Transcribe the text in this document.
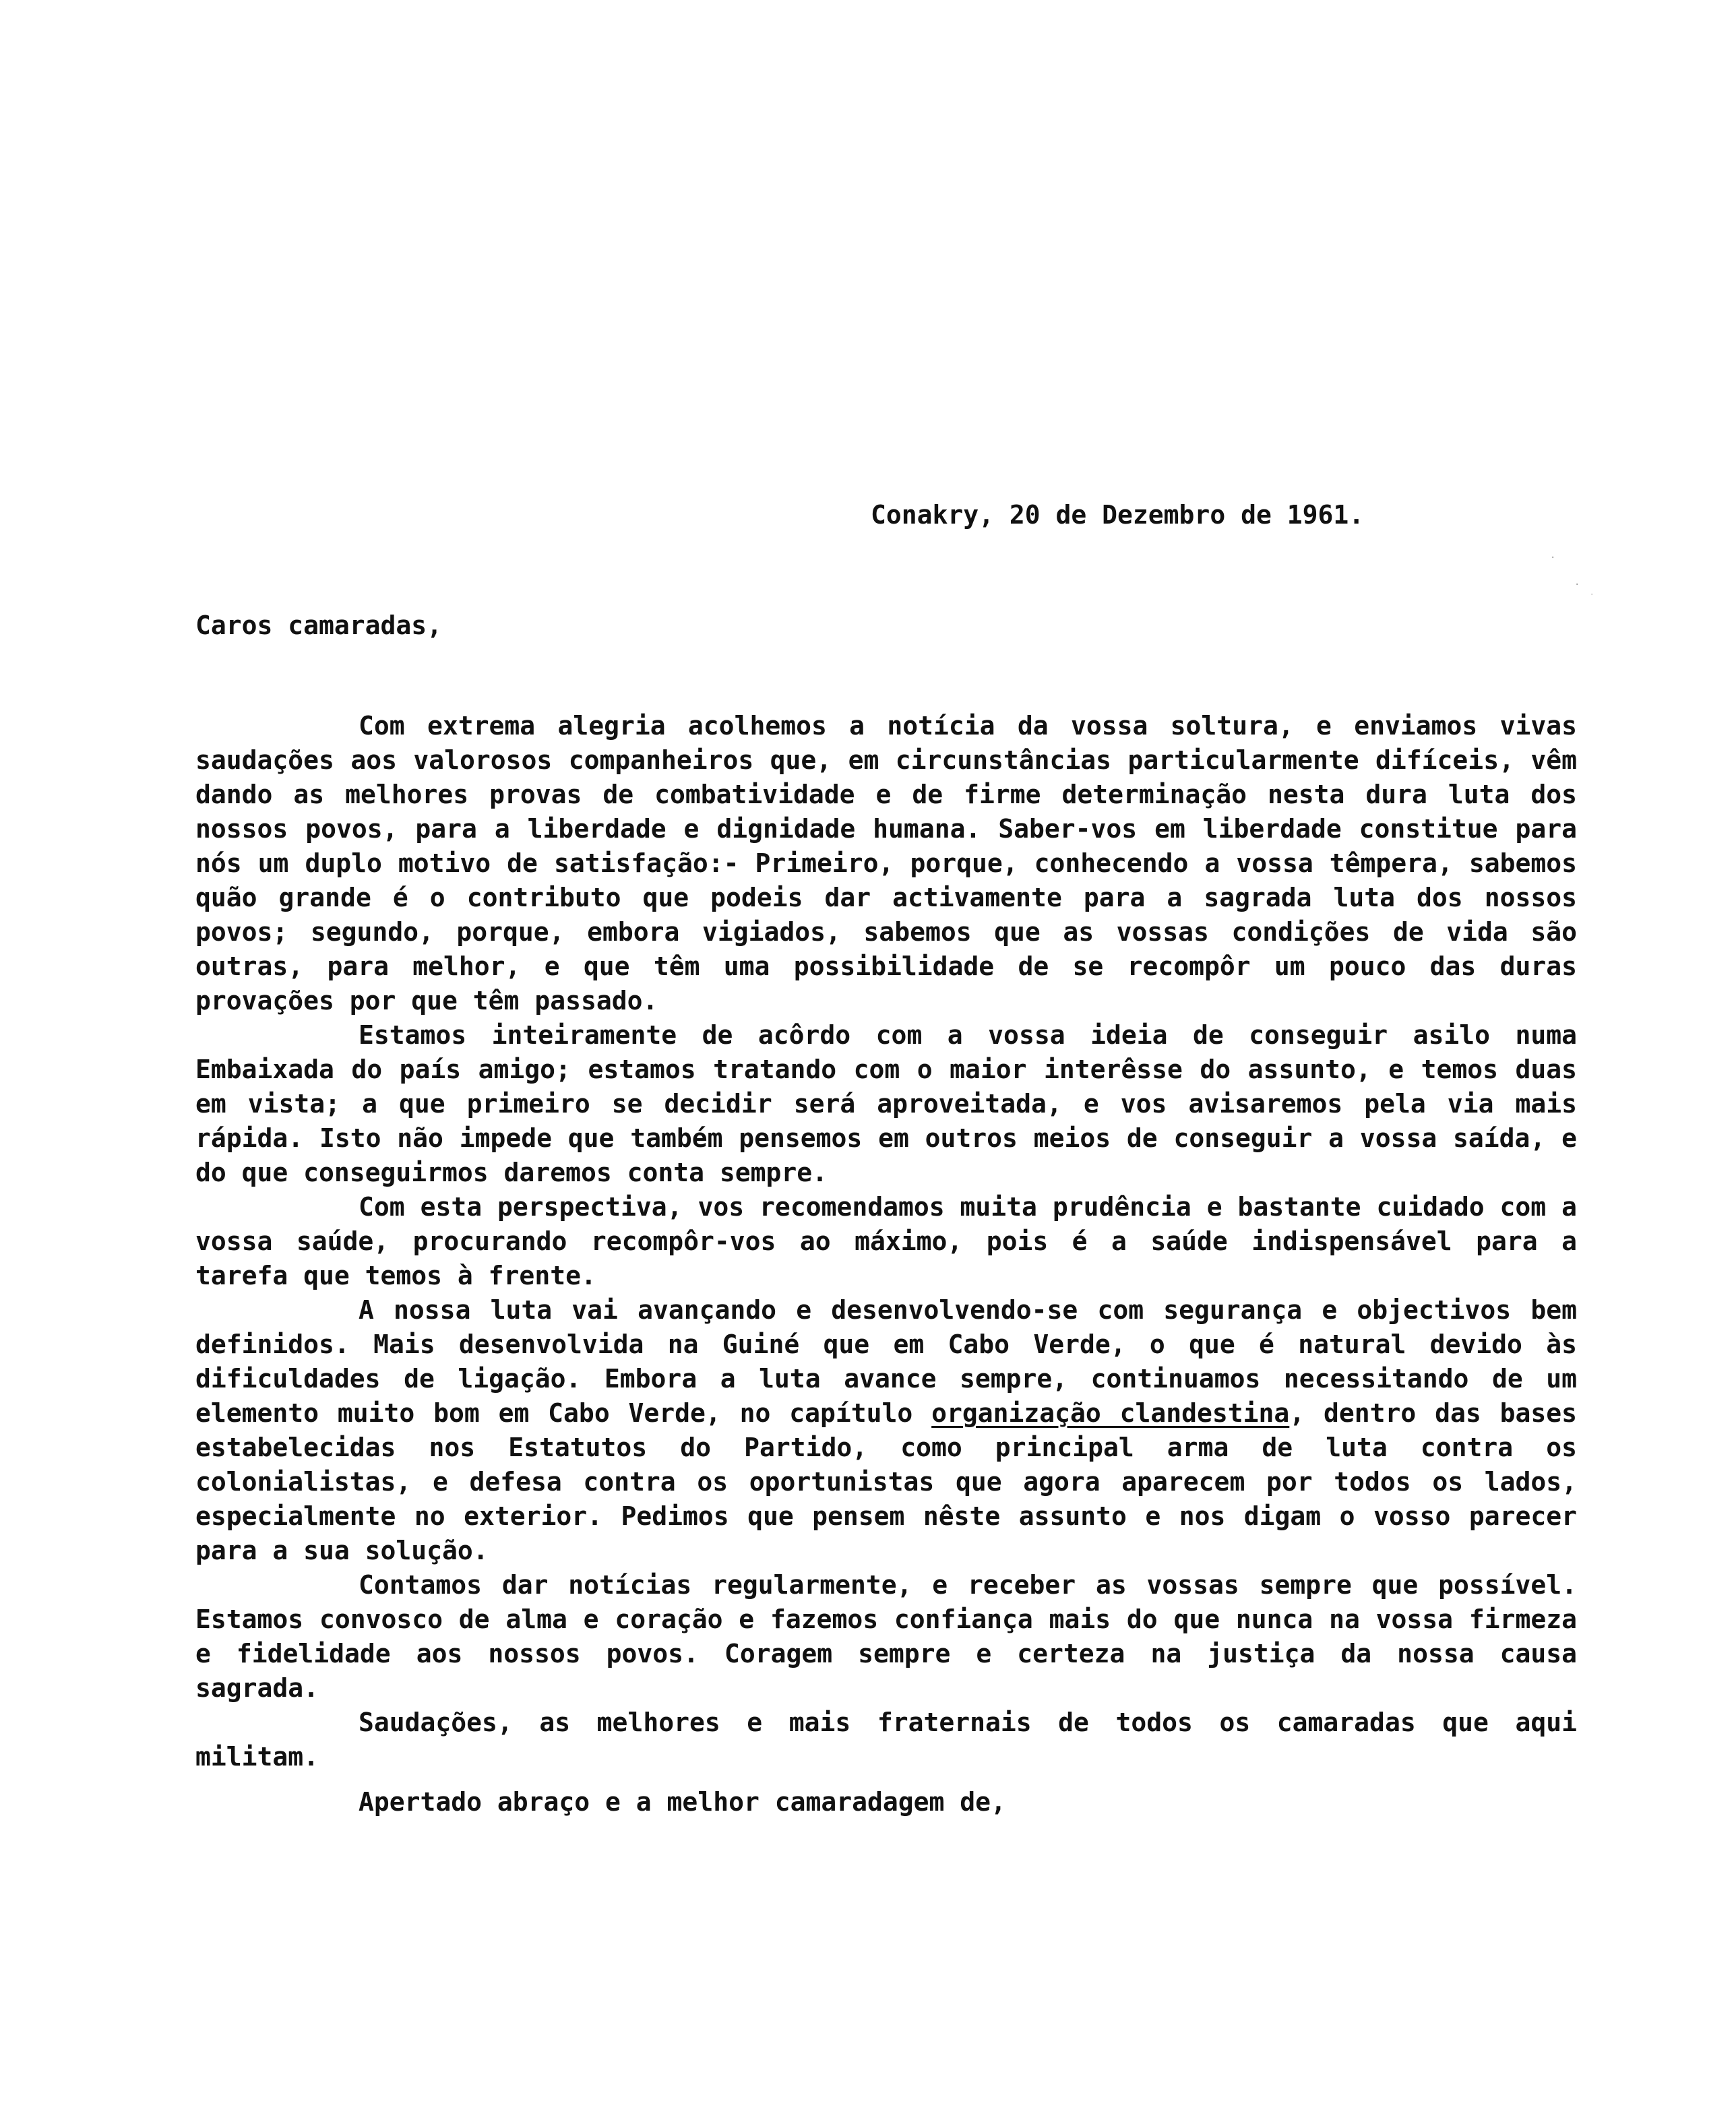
Conakry, 20 de Dezembro de 1961.
·
·
˙
Caros camaradas,

Com extrema alegria acolhemos a notícia da vossa soltura, e enviamos vivas saudações aos valorosos companheiros que, em circunstâncias particularmente difíceis, vêm dando as melhores provas de combatividade e de firme determinação nesta dura luta dos nossos povos, para a liberdade e dignidade humana. Saber-vos em liberdade constitue para nós um duplo motivo de satisfação:- Primeiro, porque, conhecendo a vossa têmpera, sabemos quão grande é o contributo que podeis dar activamente para a sagrada luta dos nossos povos; segundo, porque, embora vigiados, sabemos que as vossas condições de vida são outras, para melhor, e que têm uma possibilidade de se recompôr um pouco das duras provações por que têm passado.

Estamos inteiramente de acôrdo com a vossa ideia de conseguir asilo numa Embaixada do país amigo; estamos tratando com o maior interêsse do assunto, e temos duas em vista; a que primeiro se decidir será aproveitada, e vos avisaremos pela via mais rápida. Isto não impede que também pensemos em outros meios de conseguir a vossa saída, e do que conseguirmos daremos conta sempre.

Com esta perspectiva, vos recomendamos muita prudência e bastante cuidado com a vossa saúde, procurando recompôr-vos ao máximo, pois é a saúde indispensável para a tarefa que temos à frente.

A nossa luta vai avançando e desenvolvendo-se com segurança e objectivos bem definidos. Mais desenvolvida na Guiné que em Cabo Verde, o que é natural devido às dificuldades de ligação. Embora a luta avance sempre, continuamos necessitando de um elemento muito bom em Cabo Verde, no capítulo organização clandestina, dentro das bases estabelecidas nos Estatutos do Partido, como principal arma de luta contra os colonialistas, e defesa contra os oportunistas que agora aparecem por todos os lados, especialmente no exterior. Pedimos que pensem nêste assunto e nos digam o vosso parecer para a sua solução.

Contamos dar notícias regularmente, e receber as vossas sempre que possível. Estamos convosco de alma e coração e fazemos confiança mais do que nunca na vossa firmeza e fidelidade aos nossos povos. Coragem sempre e certeza na justiça da nossa causa sagrada.

Saudações, as melhores e mais fraternais de todos os camaradas que aqui militam.

Apertado abraço e a melhor camaradagem de,
